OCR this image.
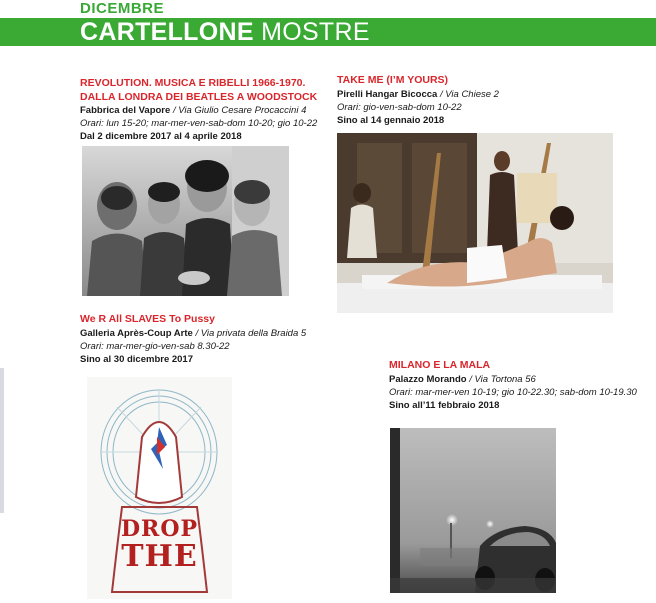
DICEMBRE
CARTELLONE MOSTRE
REVOLUTION. MUSICA E RIBELLI 1966-1970.
DALLA LONDRA DEI BEATLES A WOODSTOCK
Fabbrica del Vapore / Via Giulio Cesare Procaccini 4
Orari: lun 15-20; mar-mer-ven-sab-dom 10-20; gio 10-22
Dal 2 dicembre 2017 al 4 aprile 2018
TAKE ME (I’M YOURS)
Pirelli Hangar Bicocca / Via Chiese 2
Orari: gio-ven-sab-dom 10-22
Sino al 14 gennaio 2018
We R All SLAVES To Pussy
Galleria Après-Coup Arte / Via privata della Braida 5
Orari: mar-mer-gio-ven-sab 8.30-22
Sino al 30 dicembre 2017
DROP
THE
MILANO E LA MALA
Palazzo Morando / Via Tortona 56
Orari: mar-mer-ven 10-19; gio 10-22.30; sab-dom 10-19.30
Sino all’11 febbraio 2018
